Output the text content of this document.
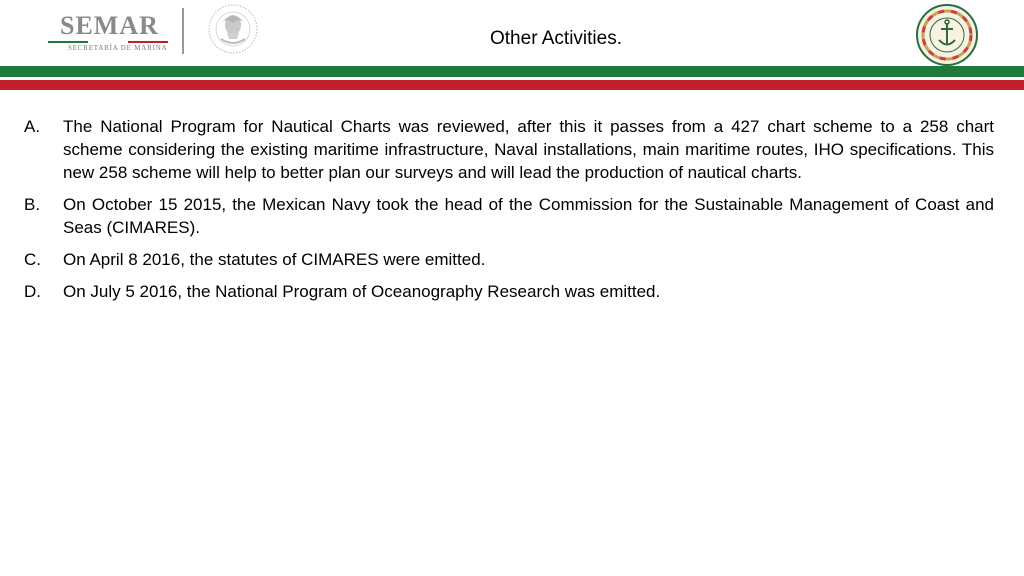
SEMAR
SECRETARÍA DE MARINA	Other Activities.
A.	The National Program for Nautical Charts was reviewed, after this it passes from a 427 chart scheme to a 258 chart scheme considering the existing maritime infrastructure, Naval installations, main maritime routes, IHO specifications. This new 258 scheme will help to better plan our surveys and will lead the production of nautical charts.
B.	On October 15 2015, the Mexican Navy took the head of the Commission for the Sustainable Management of Coast and Seas (CIMARES).
C.	On April 8 2016, the statutes of CIMARES were emitted.
D.	On July 5 2016, the National Program of Oceanography Research was emitted.
